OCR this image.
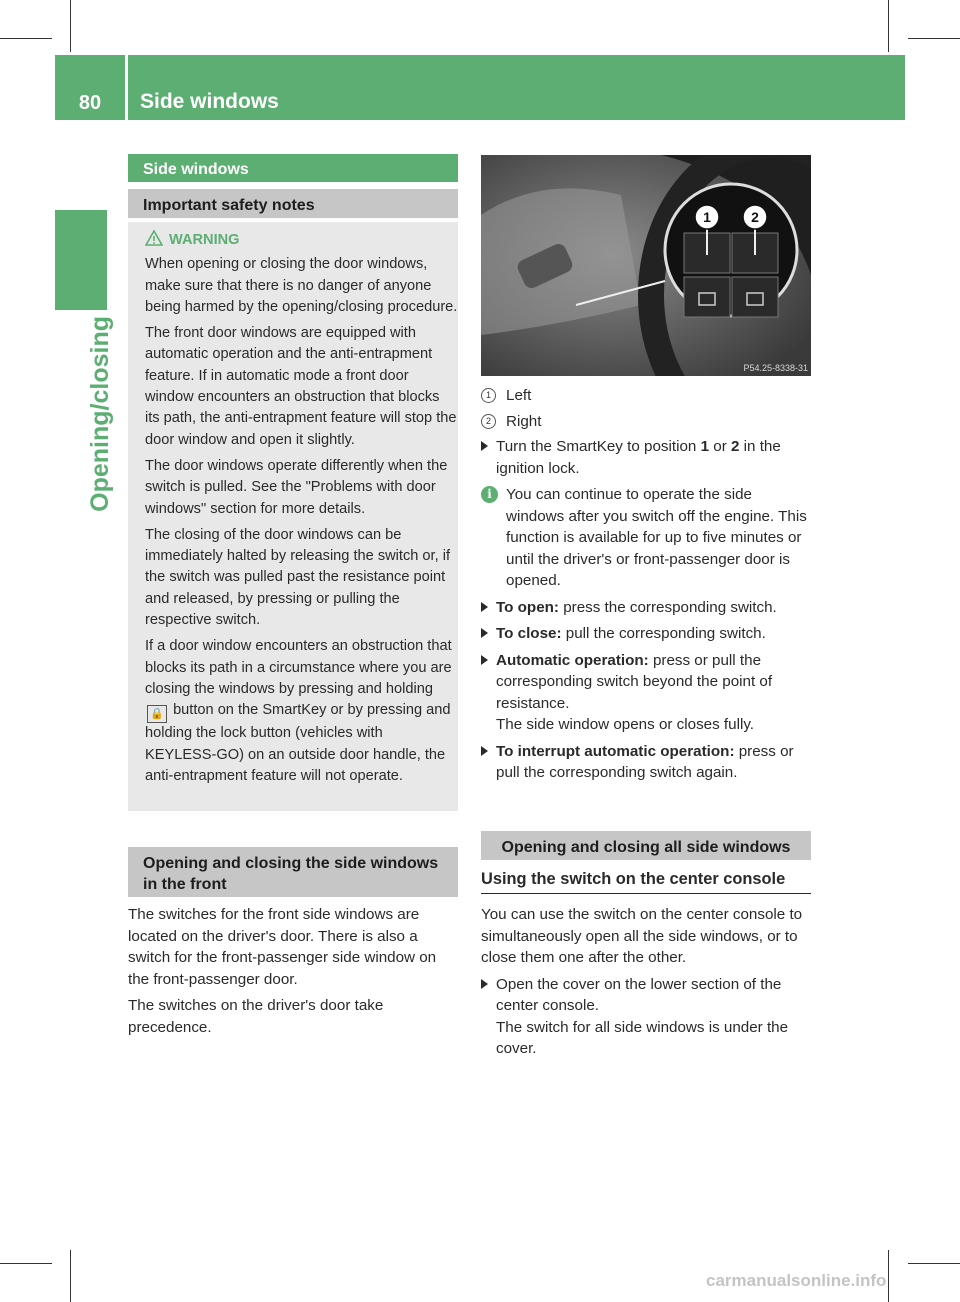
80	Side windows
Opening/closing
Side windows
Important safety notes
WARNING

When opening or closing the door windows, make sure that there is no danger of anyone being harmed by the opening/closing procedure.

The front door windows are equipped with automatic operation and the anti-entrapment feature. If in automatic mode a front door window encounters an obstruction that blocks its path, the anti-entrapment feature will stop the door window and open it slightly.

The door windows operate differently when the switch is pulled. See the "Problems with door windows" section for more details.

The closing of the door windows can be immediately halted by releasing the switch or, if the switch was pulled past the resistance point and released, by pressing or pulling the respective switch.

If a door window encounters an obstruction that blocks its path in a circumstance where you are closing the windows by pressing and holding 🔒 button on the SmartKey or by pressing and holding the lock button (vehicles with KEYLESS-GO) on an outside door handle, the anti-entrapment feature will not operate.

Opening and closing the side windows in the front

The switches for the front side windows are located on the driver's door. There is also a switch for the front-passenger side window on the front-passenger door.

The switches on the driver's door take precedence.

1	2
P54.25-8338-31
1 Left
2 Right
Turn the SmartKey to position 1 or 2 in the ignition lock.
i You can continue to operate the side windows after you switch off the engine. This function is available for up to five minutes or until the driver's or front-passenger door is opened.
To open: press the corresponding switch.
To close: pull the corresponding switch.
Automatic operation: press or pull the corresponding switch beyond the point of resistance.
The side window opens or closes fully.
To interrupt automatic operation: press or pull the corresponding switch again.
Opening and closing all side windows
Using the switch on the center console

You can use the switch on the center console to simultaneously open all the side windows, or to close them one after the other.

Open the cover on the lower section of the center console.
The switch for all side windows is under the cover.
carmanualsonline.info
